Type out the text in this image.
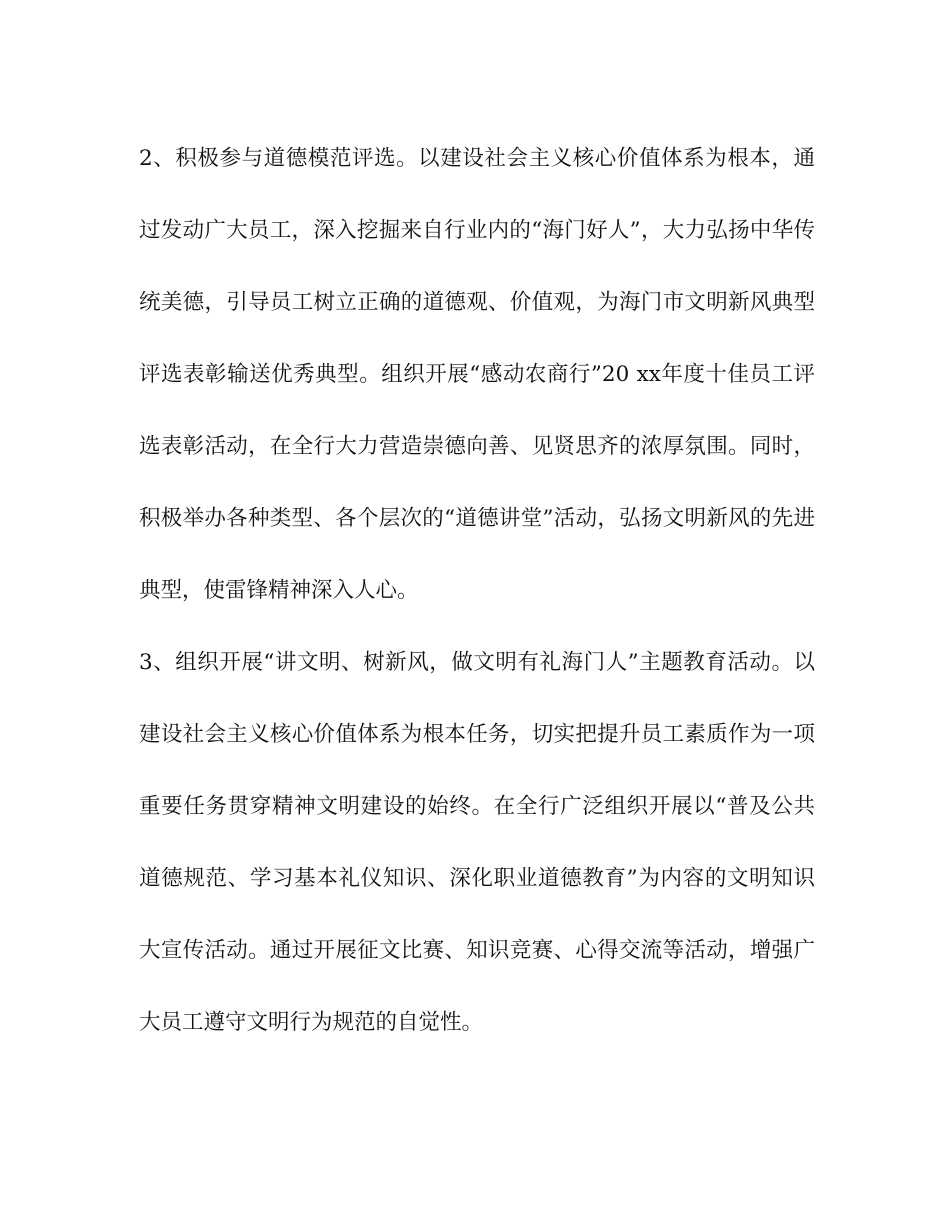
2、积极参与道德模范评选。以建设社会主义核心价值体系为根本，通
过发动广大员工，深入挖掘来自行业内的“海门好人”，大力弘扬中华传
统美德，引导员工树立正确的道德观、价值观，为海门市文明新风典型
评选表彰输送优秀典型。组织开展“感动农商行”20 xx年度十佳员工评
选表彰活动，在全行大力营造崇德向善、见贤思齐的浓厚氛围。同时，
积极举办各种类型、各个层次的“道德讲堂”活动，弘扬文明新风的先进
典型，使雷锋精神深入人心。
3、组织开展“讲文明、树新风，做文明有礼海门人”主题教育活动。以
建设社会主义核心价值体系为根本任务，切实把提升员工素质作为一项
重要任务贯穿精神文明建设的始终。在全行广泛组织开展以“普及公共
道德规范、学习基本礼仪知识、深化职业道德教育”为内容的文明知识
大宣传活动。通过开展征文比赛、知识竞赛、心得交流等活动，增强广
大员工遵守文明行为规范的自觉性。
